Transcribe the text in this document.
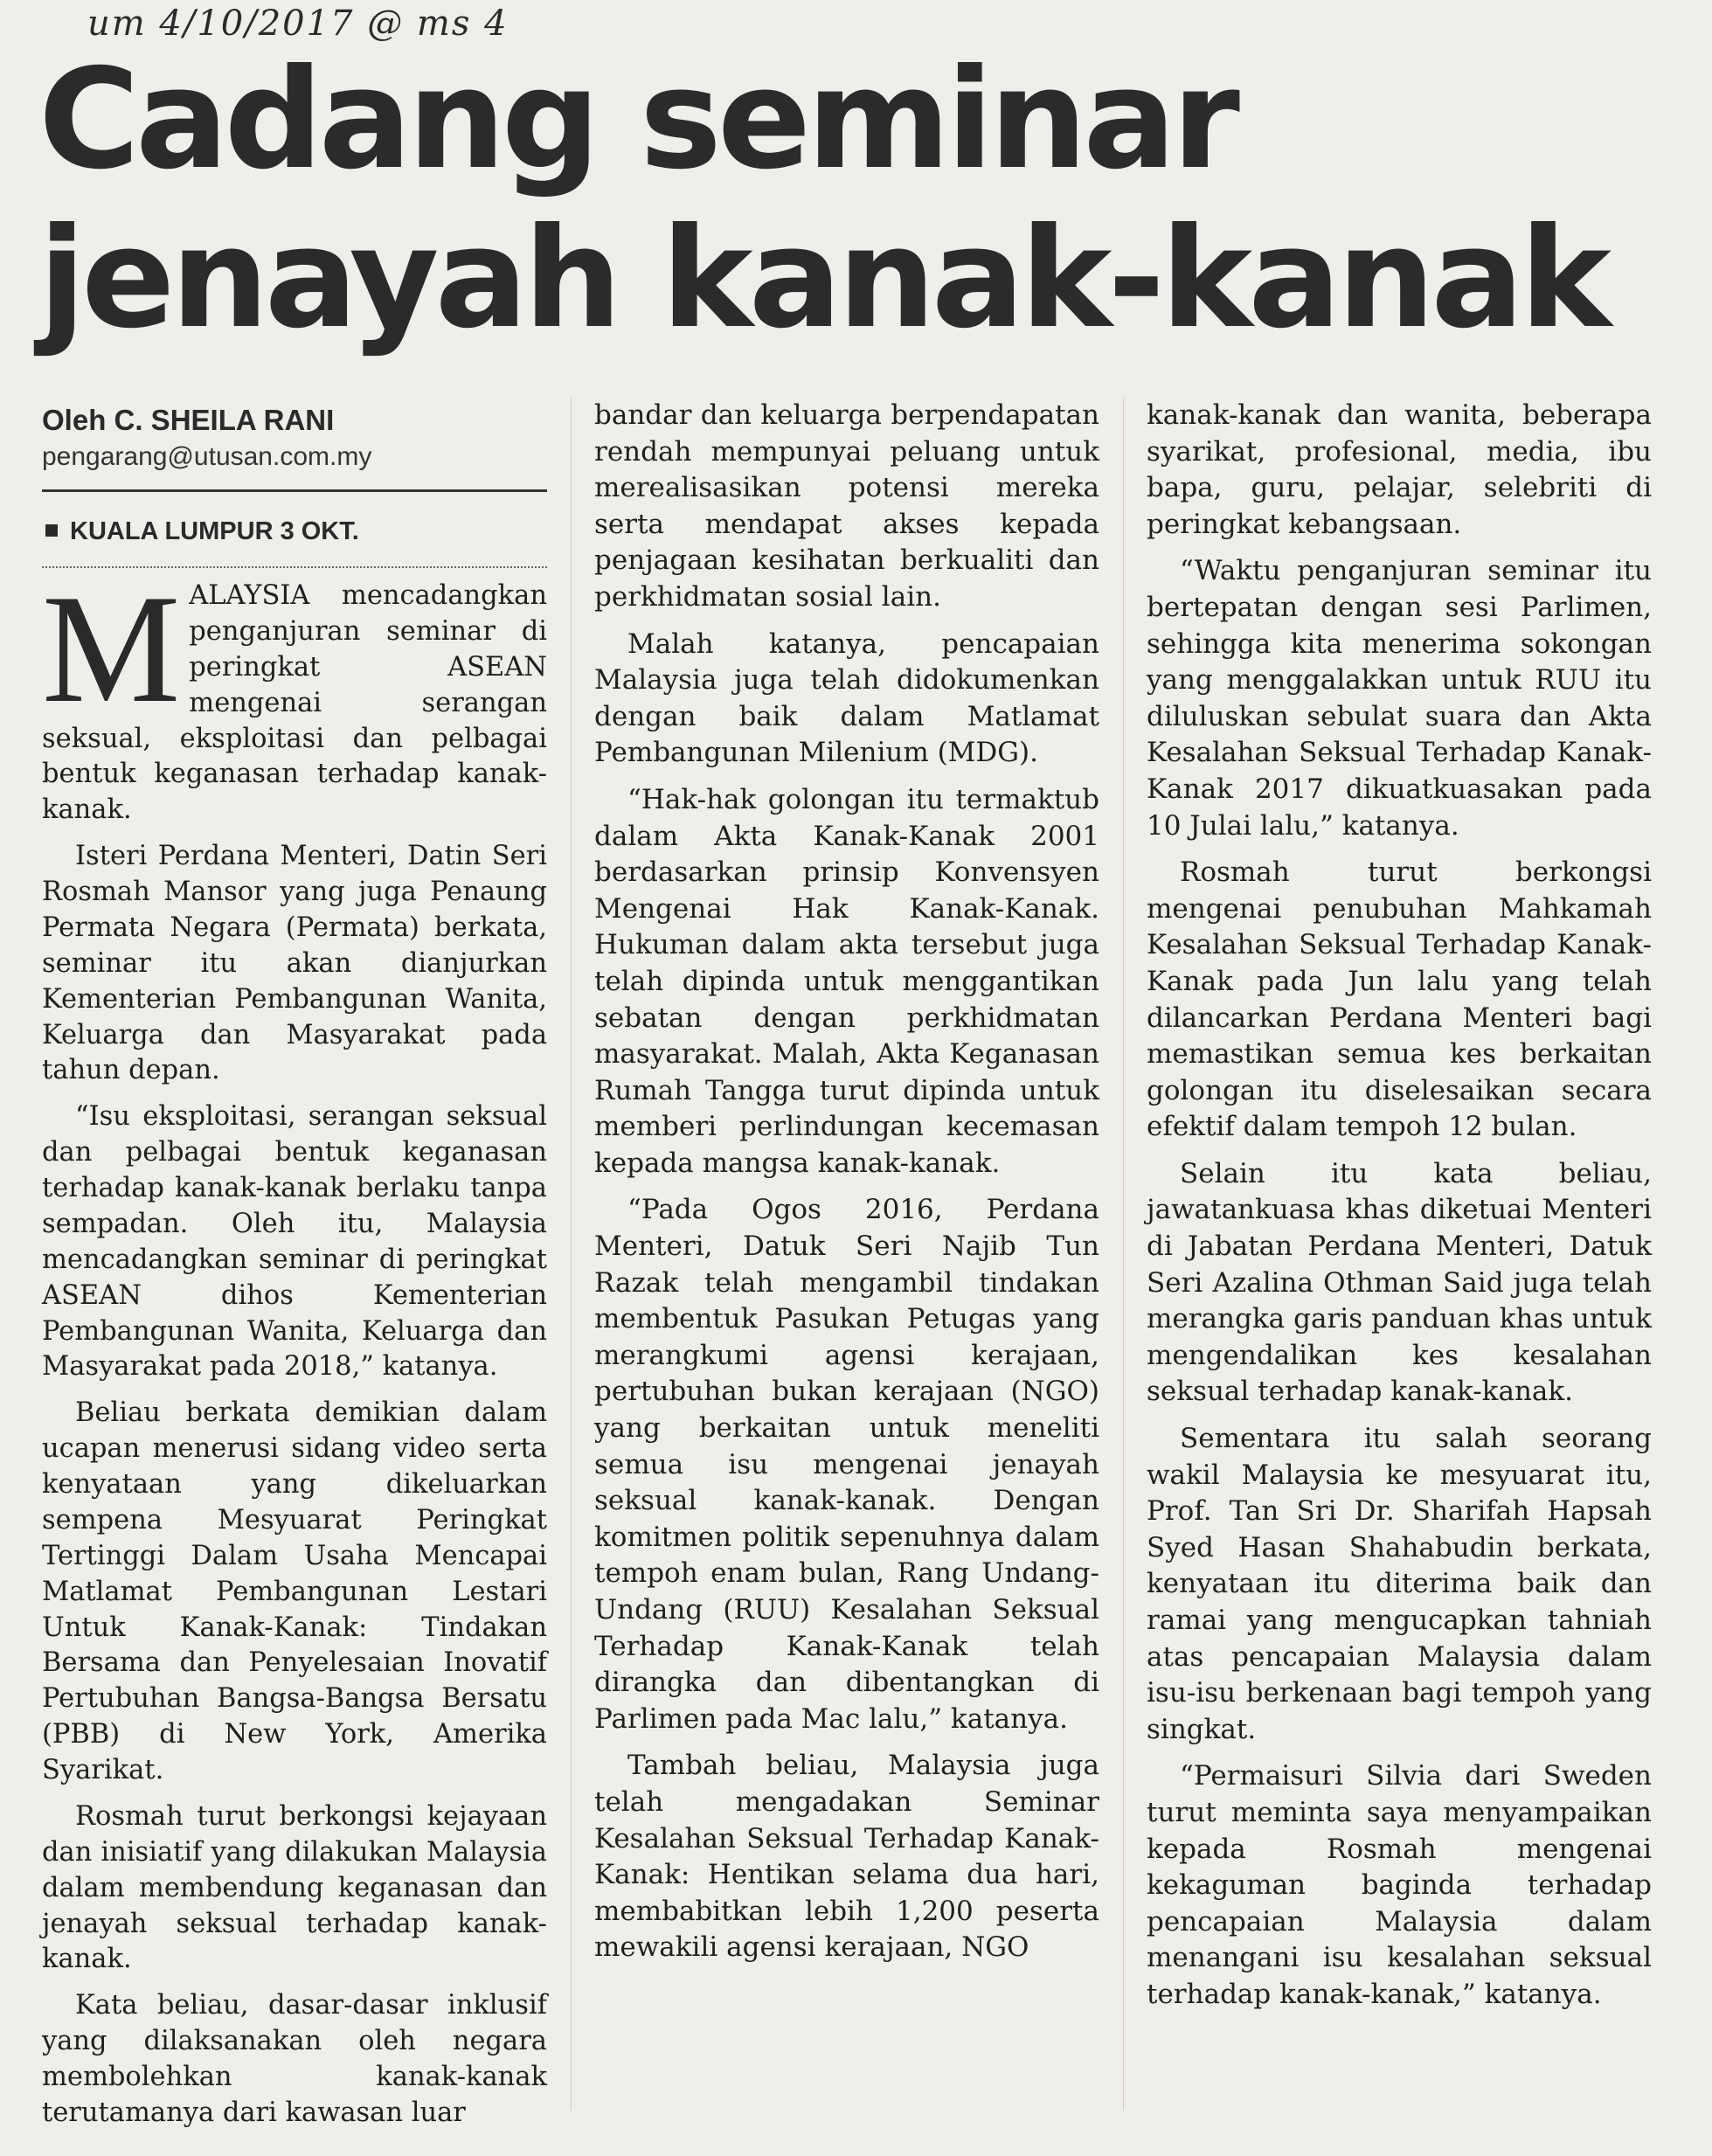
um 4/10/2017 @ ms 4
Cadang seminar
jenayah kanak-kanak
Oleh C. SHEILA RANI
pengarang@utusan.com.my
KUALA LUMPUR 3 OKT.

MALAYSIA mencadangkan penganjuran seminar di peringkat ASEAN mengenai serangan seksual, eksploitasi dan pelbagai bentuk keganasan terhadap kanak-kanak.

Isteri Perdana Menteri, Datin Seri Rosmah Mansor yang juga Penaung Permata Negara (Permata) berkata, seminar itu akan dianjurkan Kementerian Pembangunan Wanita, Keluarga dan Masyarakat pada tahun depan.

“Isu eksploitasi, serangan seksual dan pelbagai bentuk keganasan terhadap kanak-kanak berlaku tanpa sempadan. Oleh itu, Malaysia mencadangkan seminar di peringkat ASEAN dihos Kementerian Pembangunan Wanita, Keluarga dan Masyarakat pada 2018,” katanya.

Beliau berkata demikian dalam ucapan menerusi sidang video serta kenyataan yang dikeluarkan sempena Mesyuarat Peringkat Tertinggi Dalam Usaha Mencapai Matlamat Pembangunan Lestari Untuk Kanak-Kanak: Tindakan Bersama dan Penyelesaian Inovatif Pertubuhan Bangsa-Bangsa Bersatu (PBB) di New York, Amerika Syarikat.

Rosmah turut berkongsi kejayaan dan inisiatif yang dilakukan Malaysia dalam membendung keganasan dan jenayah seksual terhadap kanak-kanak.

Kata beliau, dasar-dasar inklusif yang dilaksanakan oleh negara membolehkan kanak-kanak terutamanya dari kawasan luar

bandar dan keluarga berpendapatan rendah mempunyai peluang untuk merealisasikan potensi mereka serta mendapat akses kepada penjagaan kesihatan berkualiti dan perkhidmatan sosial lain.

Malah katanya, pencapaian Malaysia juga telah didokumenkan dengan baik dalam Matlamat Pembangunan Milenium (MDG).

“Hak-hak golongan itu termaktub dalam Akta Kanak-Kanak 2001 berdasarkan prinsip Konvensyen Mengenai Hak Kanak-Kanak. Hukuman dalam akta tersebut juga telah dipinda untuk menggantikan sebatan dengan perkhidmatan masyarakat. Malah, Akta Keganasan Rumah Tangga turut dipinda untuk memberi perlindungan kecemasan kepada mangsa kanak-kanak.

“Pada Ogos 2016, Perdana Menteri, Datuk Seri Najib Tun Razak telah mengambil tindakan membentuk Pasukan Petugas yang merangkumi agensi kerajaan, pertubuhan bukan kerajaan (NGO) yang berkaitan untuk meneliti semua isu mengenai jenayah seksual kanak-kanak. Dengan komitmen politik sepenuhnya dalam tempoh enam bulan, Rang Undang-Undang (RUU) Kesalahan Seksual Terhadap Kanak-Kanak telah dirangka dan dibentangkan di Parlimen pada Mac lalu,” katanya.

Tambah beliau, Malaysia juga telah mengadakan Seminar Kesalahan Seksual Terhadap Kanak-Kanak: Hentikan selama dua hari, membabitkan lebih 1,200 peserta mewakili agensi kerajaan, NGO

kanak-kanak dan wanita, beberapa syarikat, profesional, media, ibu bapa, guru, pelajar, selebriti di peringkat kebangsaan.

“Waktu penganjuran seminar itu bertepatan dengan sesi Parlimen, sehingga kita menerima sokongan yang menggalakkan untuk RUU itu diluluskan sebulat suara dan Akta Kesalahan Seksual Terhadap Kanak-Kanak 2017 dikuatkuasakan pada 10 Julai lalu,” katanya.

Rosmah turut berkongsi mengenai penubuhan Mahkamah Kesalahan Seksual Terhadap Kanak-Kanak pada Jun lalu yang telah dilancarkan Perdana Menteri bagi memastikan semua kes berkaitan golongan itu diselesaikan secara efektif dalam tempoh 12 bulan.

Selain itu kata beliau, jawatankuasa khas diketuai Menteri di Jabatan Perdana Menteri, Datuk Seri Azalina Othman Said juga telah merangka garis panduan khas untuk mengendalikan kes kesalahan seksual terhadap kanak-kanak.

Sementara itu salah seorang wakil Malaysia ke mesyuarat itu, Prof. Tan Sri Dr. Sharifah Hapsah Syed Hasan Shahabudin berkata, kenyataan itu diterima baik dan ramai yang mengucapkan tahniah atas pencapaian Malaysia dalam isu-isu berkenaan bagi tempoh yang singkat.

“Permaisuri Silvia dari Sweden turut meminta saya menyampaikan kepada Rosmah mengenai kekaguman baginda terhadap pencapaian Malaysia dalam menangani isu kesalahan seksual terhadap kanak-kanak,” katanya.
